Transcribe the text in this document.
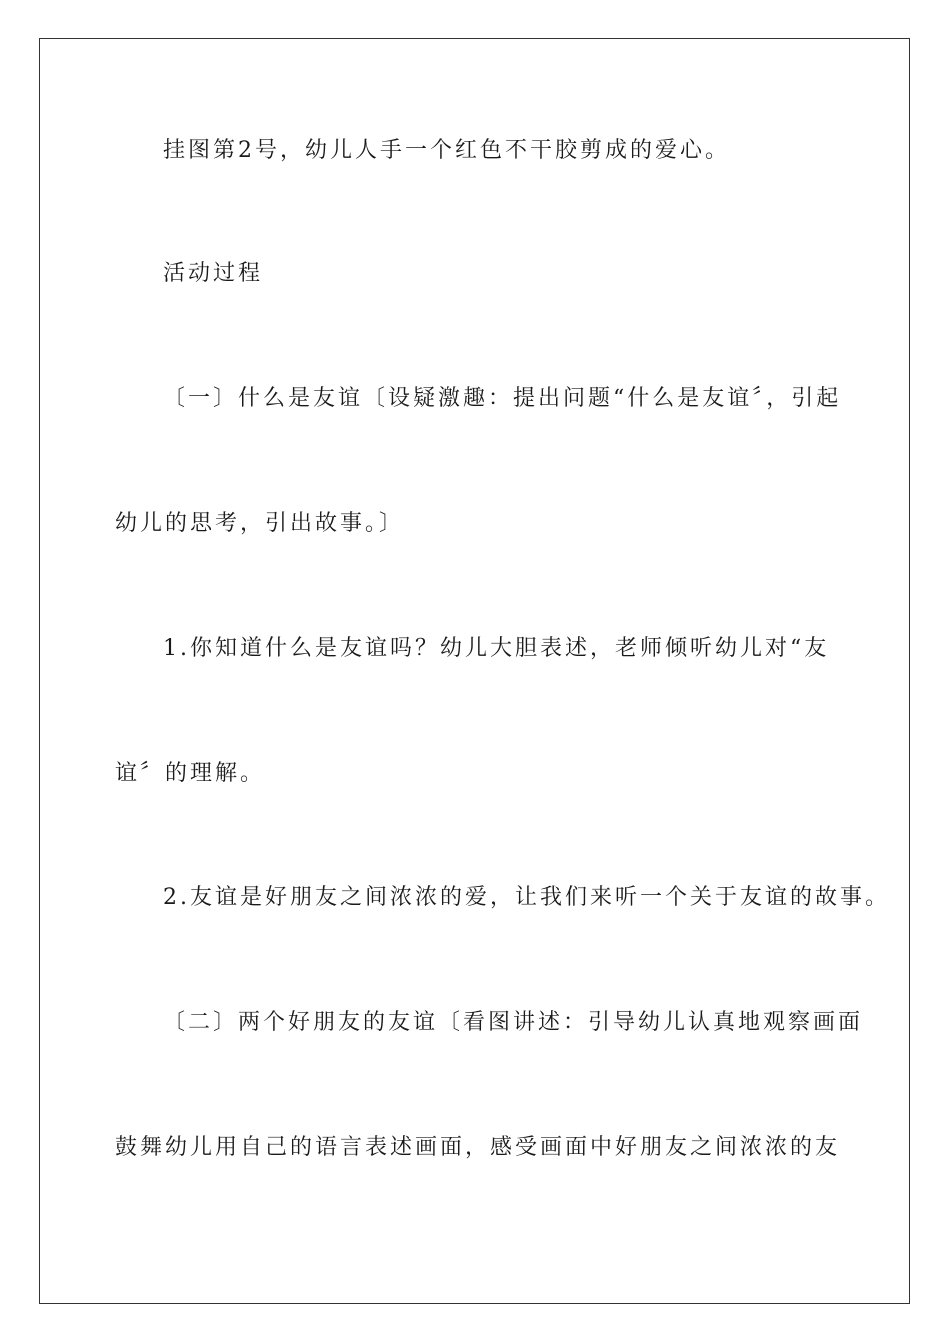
挂图第2号，幼儿人手一个红色不干胶剪成的爱心。
活动过程
〔一〕什么是友谊〔设疑激趣：提出问题“什么是友谊〞，引起
幼儿的思考，引出故事。〕
1.你知道什么是友谊吗？幼儿大胆表述，老师倾听幼儿对“友
谊〞的理解。
2.友谊是好朋友之间浓浓的爱，让我们来听一个关于友谊的故事。
〔二〕两个好朋友的友谊〔看图讲述：引导幼儿认真地观察画面
鼓舞幼儿用自己的语言表述画面，感受画面中好朋友之间浓浓的友
